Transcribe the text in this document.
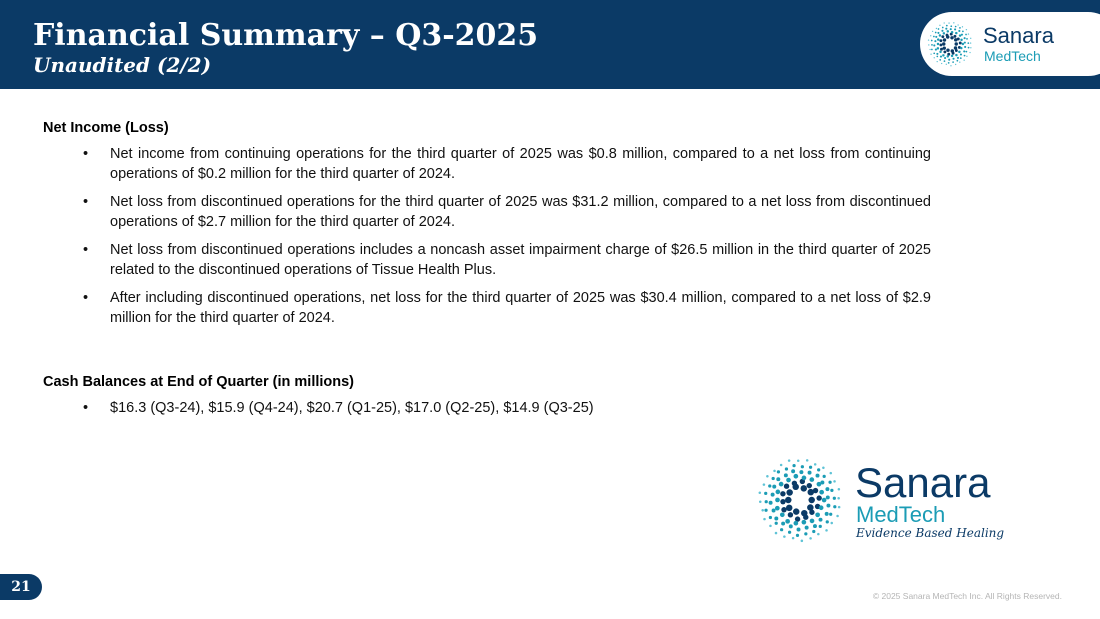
Financial Summary – Q3-2025
Unaudited (2/2)
Sanara
MedTech

Net Income (Loss)

• Net income from continuing operations for the third quarter of 2025 was $0.8 million, compared to a net loss from continuing operations of $0.2 million for the third quarter of 2024.
• Net loss from discontinued operations for the third quarter of 2025 was $31.2 million, compared to a net loss from discontinued operations of $2.7 million for the third quarter of 2024.
• Net loss from discontinued operations includes a noncash asset impairment charge of $26.5 million in the third quarter of 2025 related to the discontinued operations of Tissue Health Plus.
• After including discontinued operations, net loss for the third quarter of 2025 was $30.4 million, compared to a net loss of $2.9 million for the third quarter of 2024.

Cash Balances at End of Quarter (in millions)

• $16.3 (Q3-24), $15.9 (Q4-24), $20.7 (Q1-25), $17.0 (Q2-25), $14.9 (Q3-25)
Sanara
MedTech
Evidence Based Healing
21
© 2025 Sanara MedTech Inc. All Rights Reserved.
